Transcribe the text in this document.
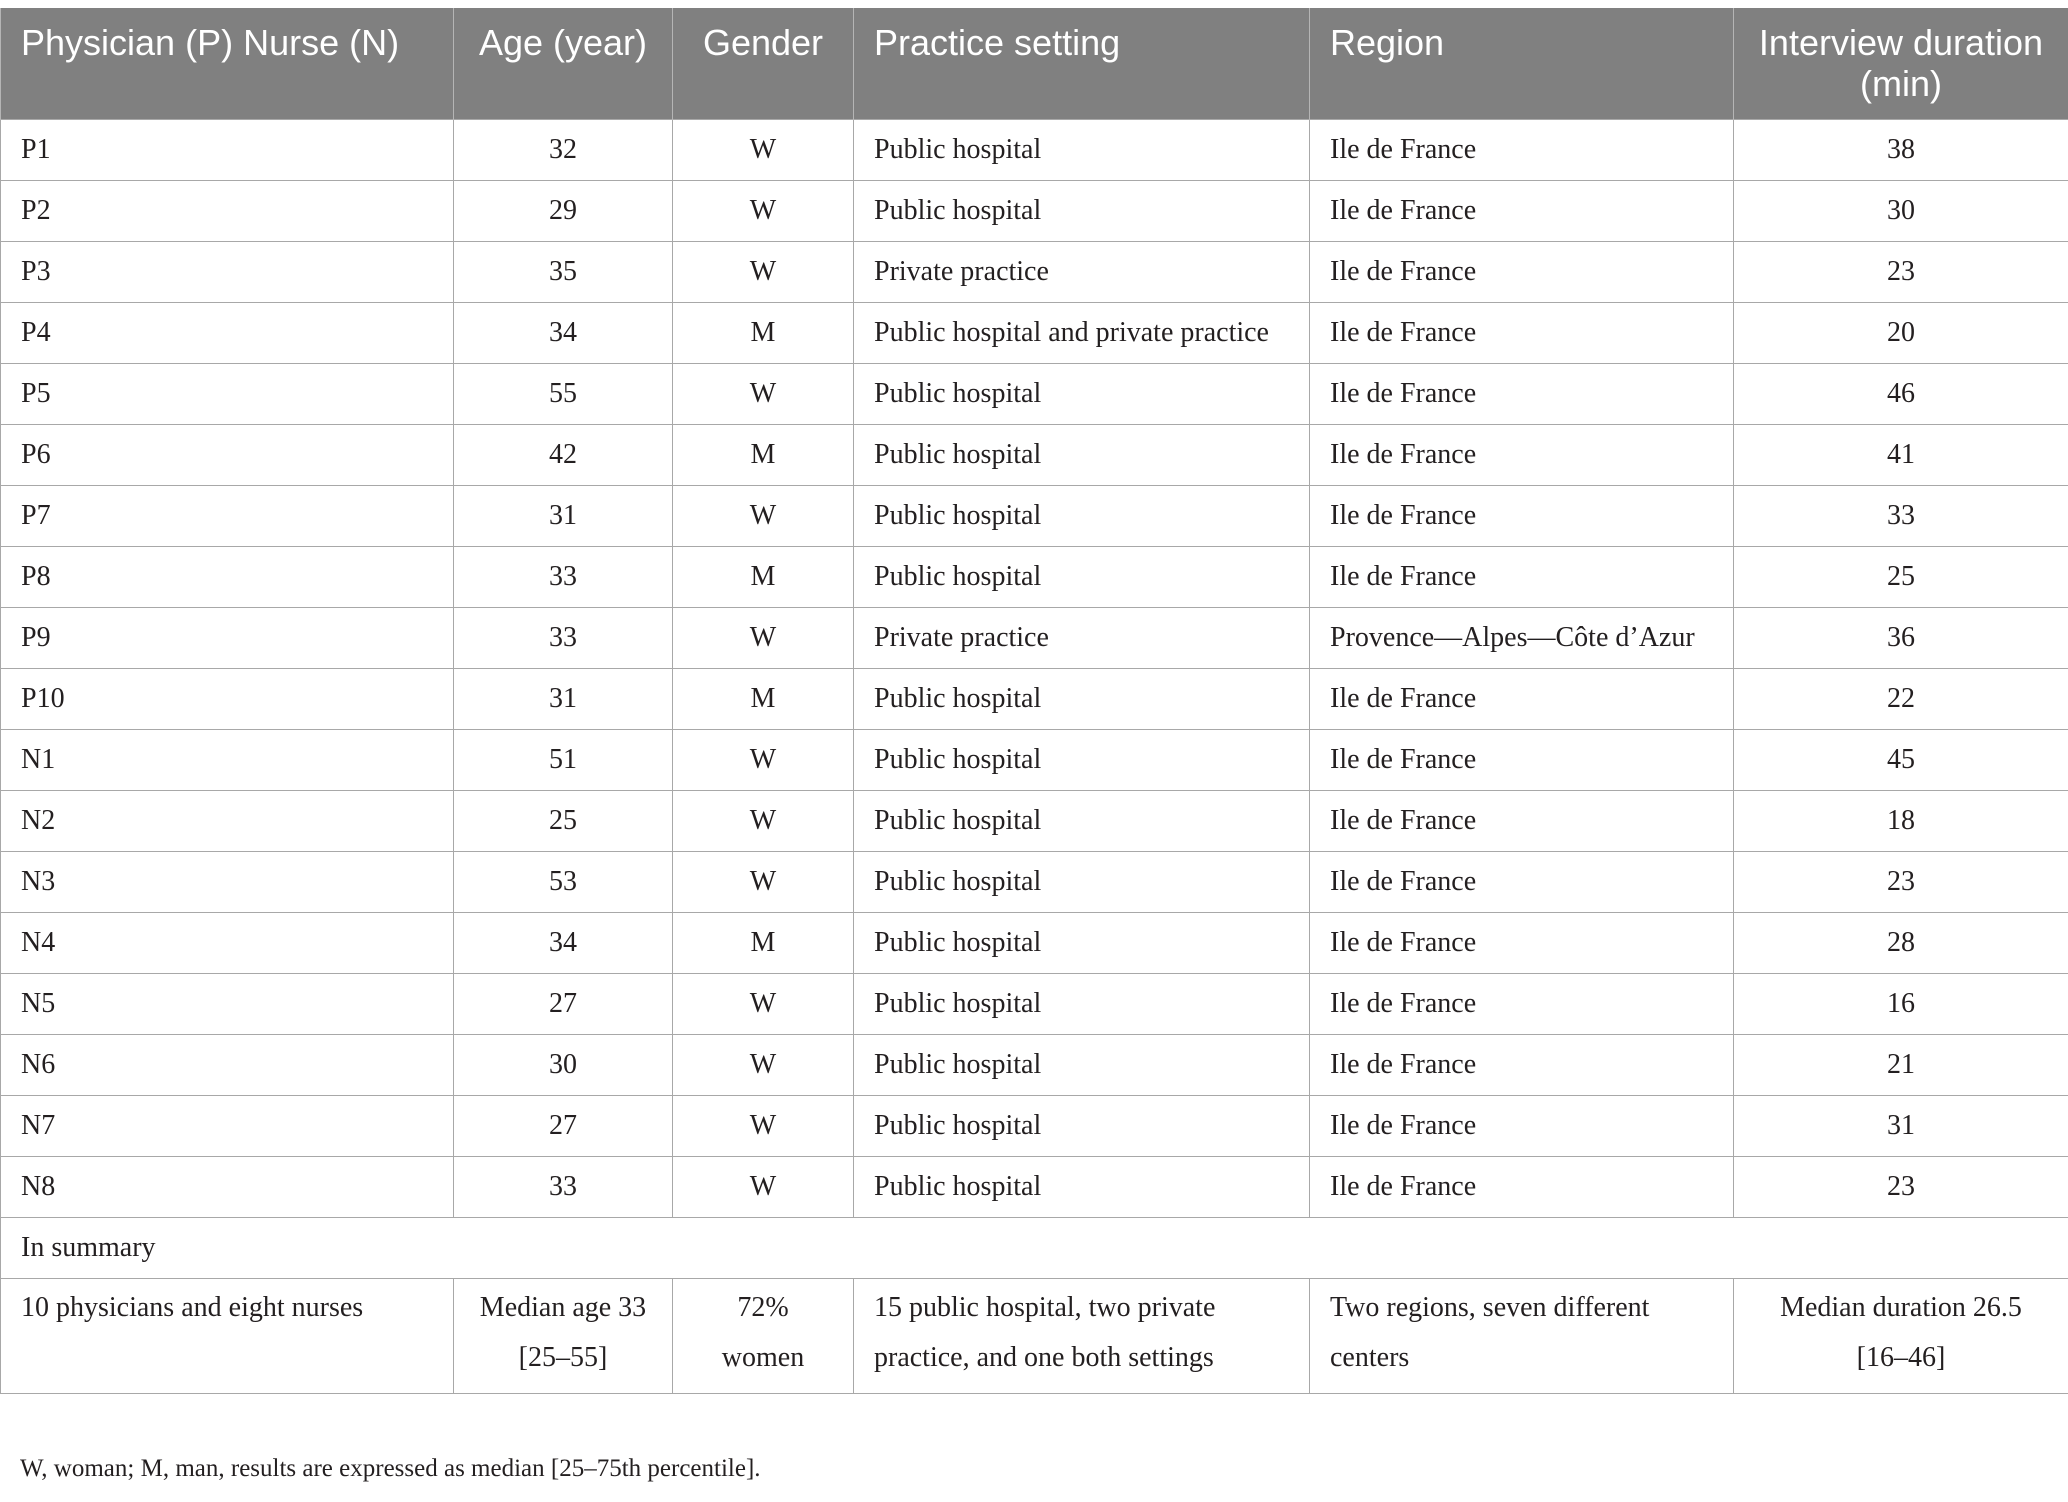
Physician (P) Nurse (N)	Age (year)	Gender	Practice setting	Region	Interview duration (min)
P1	32	W	Public hospital	Ile de France	38
P2	29	W	Public hospital	Ile de France	30
P3	35	W	Private practice	Ile de France	23
P4	34	M	Public hospital and private practice	Ile de France	20
P5	55	W	Public hospital	Ile de France	46
P6	42	M	Public hospital	Ile de France	41
P7	31	W	Public hospital	Ile de France	33
P8	33	M	Public hospital	Ile de France	25
P9	33	W	Private practice	Provence—Alpes—Côte d’Azur	36
P10	31	M	Public hospital	Ile de France	22
N1	51	W	Public hospital	Ile de France	45
N2	25	W	Public hospital	Ile de France	18
N3	53	W	Public hospital	Ile de France	23
N4	34	M	Public hospital	Ile de France	28
N5	27	W	Public hospital	Ile de France	16
N6	30	W	Public hospital	Ile de France	21
N7	27	W	Public hospital	Ile de France	31
N8	33	W	Public hospital	Ile de France	23
In summary					
10 physicians and eight nurses	Median age 33 [25–55]	72% women	15 public hospital, two private practice, and one both settings	Two regions, seven different centers	Median duration 26.5 [16–46]
W, woman; M, man, results are expressed as median [25–75th percentile].
